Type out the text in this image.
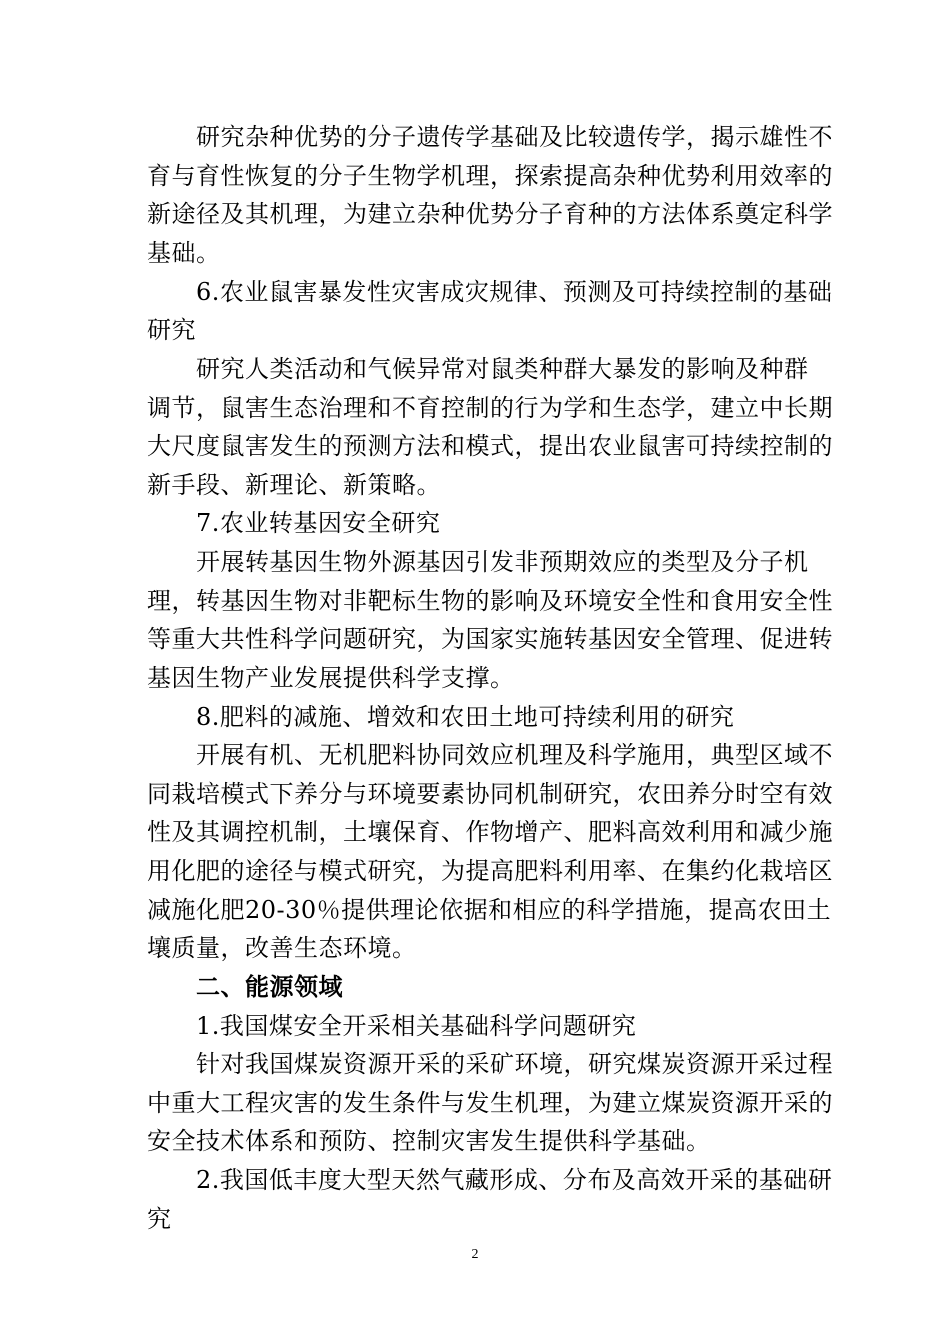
研究杂种优势的分子遗传学基础及比较遗传学，揭示雄性不
育与育性恢复的分子生物学机理，探索提高杂种优势利用效率的
新途径及其机理，为建立杂种优势分子育种的方法体系奠定科学
基础。
6.农业鼠害暴发性灾害成灾规律、预测及可持续控制的基础
研究
研究人类活动和气候异常对鼠类种群大暴发的影响及种群
调节，鼠害生态治理和不育控制的行为学和生态学，建立中长期
大尺度鼠害发生的预测方法和模式，提出农业鼠害可持续控制的
新手段、新理论、新策略。
7.农业转基因安全研究
开展转基因生物外源基因引发非预期效应的类型及分子机
理，转基因生物对非靶标生物的影响及环境安全性和食用安全性
等重大共性科学问题研究，为国家实施转基因安全管理、促进转
基因生物产业发展提供科学支撑。
8.肥料的减施、增效和农田土地可持续利用的研究
开展有机、无机肥料协同效应机理及科学施用，典型区域不
同栽培模式下养分与环境要素协同机制研究，农田养分时空有效
性及其调控机制，土壤保育、作物增产、肥料高效利用和减少施
用化肥的途径与模式研究，为提高肥料利用率、在集约化栽培区
减施化肥20-30％提供理论依据和相应的科学措施，提高农田土
壤质量，改善生态环境。
二、能源领域
1.我国煤安全开采相关基础科学问题研究
针对我国煤炭资源开采的采矿环境，研究煤炭资源开采过程
中重大工程灾害的发生条件与发生机理，为建立煤炭资源开采的
安全技术体系和预防、控制灾害发生提供科学基础。
2.我国低丰度大型天然气藏形成、分布及高效开采的基础研
究
2
